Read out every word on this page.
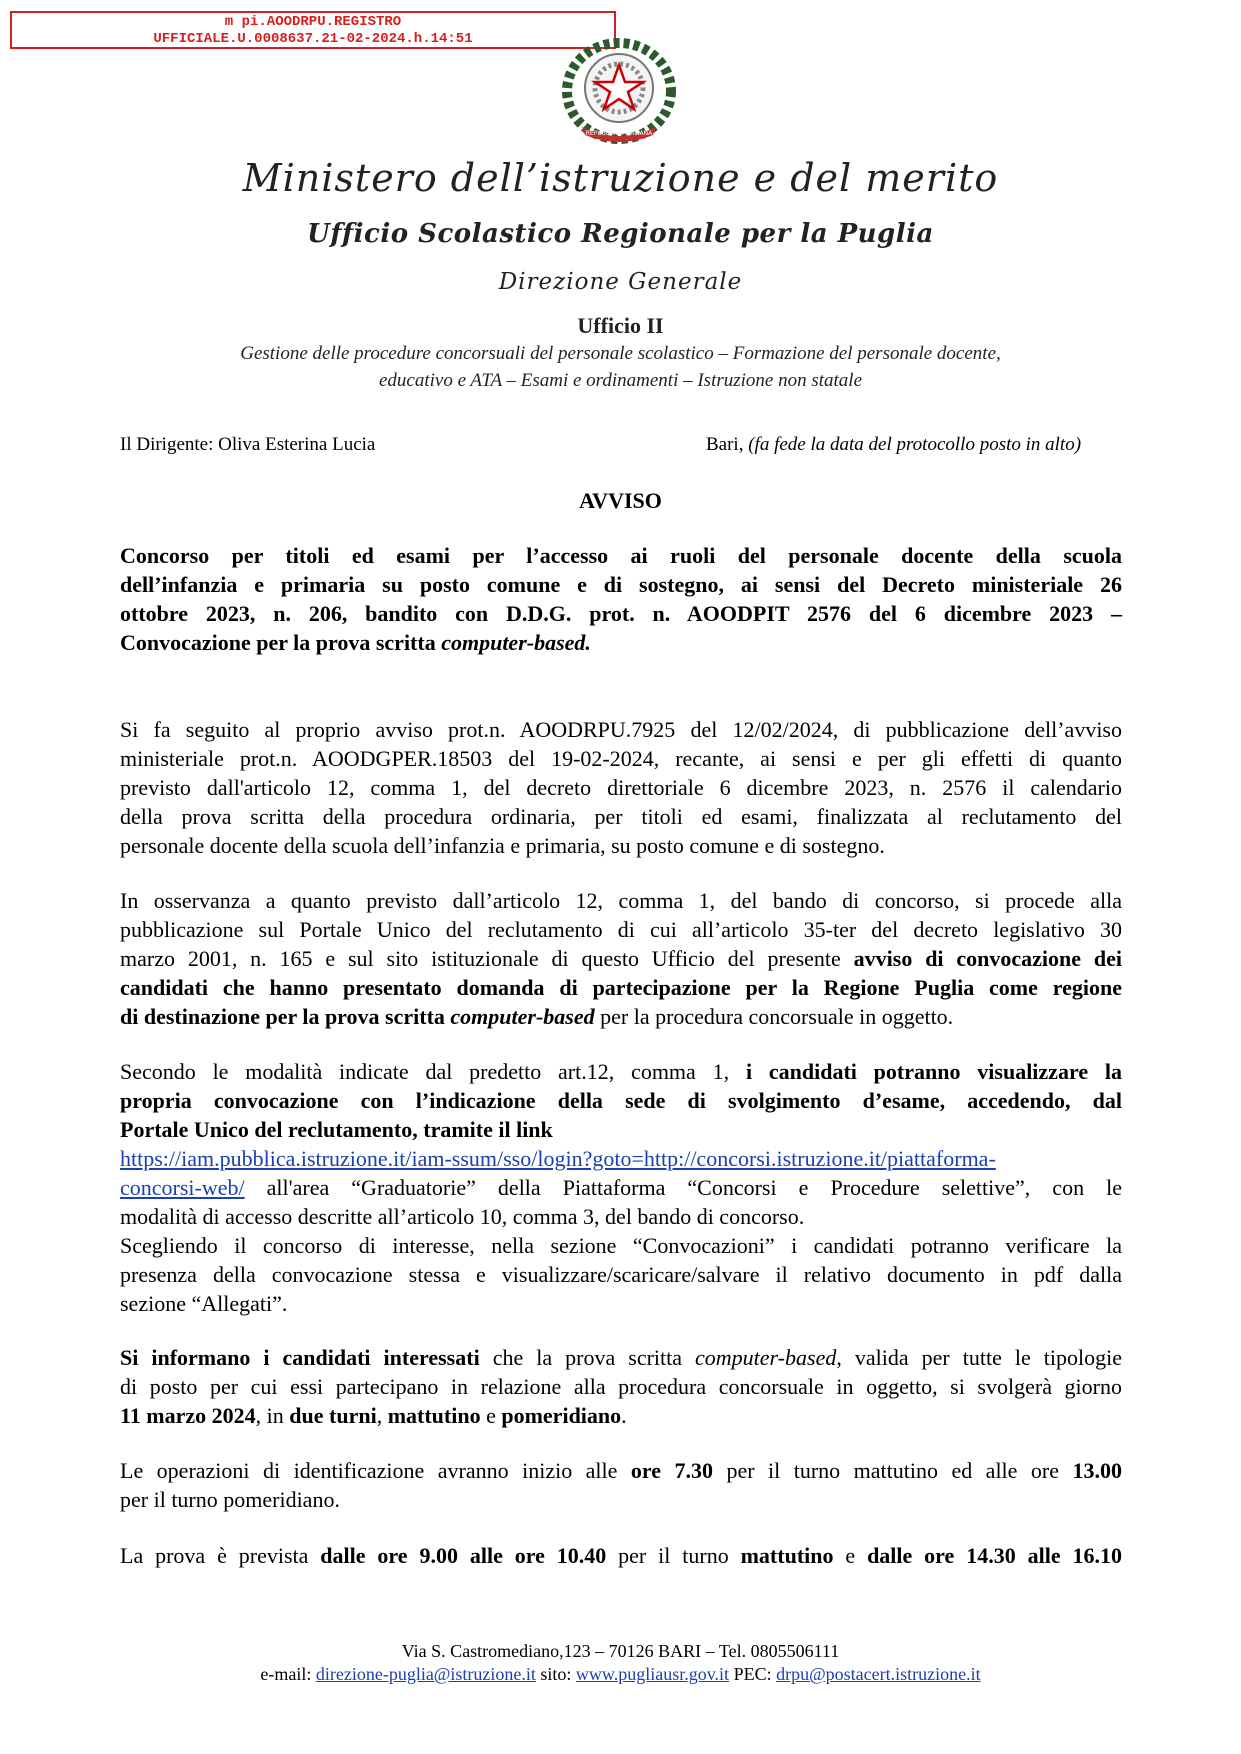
m pi.AOODRPU.REGISTRO
UFFICIALE.U.0008637.21-02-2024.h.14:51
REPUBBLICA ITALIANA
Ministero dell’istruzione e del merito
Ufficio Scolastico Regionale per la Puglia
Direzione Generale
Ufficio II
Gestione delle procedure concorsuali del personale scolastico – Formazione del personale docente,
educativo e ATA – Esami e ordinamenti – Istruzione non statale
Il Dirigente: Oliva Esterina Lucia	Bari, (fa fede la data del protocollo posto in alto)
AVVISO
Concorso per titoli ed esami per l’accesso ai ruoli del personale docente della scuola
dell’infanzia e primaria su posto comune e di sostegno, ai sensi del Decreto ministeriale 26
ottobre 2023, n. 206, bandito con D.D.G. prot. n. AOODPIT 2576 del 6 dicembre 2023 –
Convocazione per la prova scritta computer-based.
Si fa seguito al proprio avviso prot.n. AOODRPU.7925 del 12/02/2024, di pubblicazione dell’avviso
ministeriale prot.n. AOODGPER.18503 del 19-02-2024, recante, ai sensi e per gli effetti di quanto
previsto dall'articolo 12, comma 1, del decreto direttoriale 6 dicembre 2023, n. 2576 il calendario
della prova scritta della procedura ordinaria, per titoli ed esami, finalizzata al reclutamento del
personale docente della scuola dell’infanzia e primaria, su posto comune e di sostegno.
In osservanza a quanto previsto dall’articolo 12, comma 1, del bando di concorso, si procede alla
pubblicazione sul Portale Unico del reclutamento di cui all’articolo 35-ter del decreto legislativo 30
marzo 2001, n. 165 e sul sito istituzionale di questo Ufficio del presente avviso di convocazione dei
candidati che hanno presentato domanda di partecipazione per la Regione Puglia come regione
di destinazione per la prova scritta computer-based per la procedura concorsuale in oggetto.
Secondo le modalità indicate dal predetto art.12, comma 1, i candidati potranno visualizzare la
propria convocazione con l’indicazione della sede di svolgimento d’esame, accedendo, dal
Portale Unico del reclutamento, tramite il link
https://iam.pubblica.istruzione.it/iam-ssum/sso/login?goto=http://concorsi.istruzione.it/piattaforma-
concorsi-web/ all'area “Graduatorie” della Piattaforma “Concorsi e Procedure selettive”, con le
modalità di accesso descritte all’articolo 10, comma 3, del bando di concorso.
Scegliendo il concorso di interesse, nella sezione “Convocazioni” i candidati potranno verificare la
presenza della convocazione stessa e visualizzare/scaricare/salvare il relativo documento in pdf dalla
sezione “Allegati”.
Si informano i candidati interessati che la prova scritta computer-based, valida per tutte le tipologie
di posto per cui essi partecipano in relazione alla procedura concorsuale in oggetto, si svolgerà giorno
11 marzo 2024, in due turni, mattutino e pomeridiano.
Le operazioni di identificazione avranno inizio alle ore 7.30 per il turno mattutino ed alle ore 13.00
per il turno pomeridiano.
La prova è prevista dalle ore 9.00 alle ore 10.40 per il turno mattutino e dalle ore 14.30 alle 16.10
Via S. Castromediano,123 – 70126 BARI – Tel. 0805506111
e-mail: direzione-puglia@istruzione.it sito: www.pugliausr.gov.it PEC: drpu@postacert.istruzione.it
